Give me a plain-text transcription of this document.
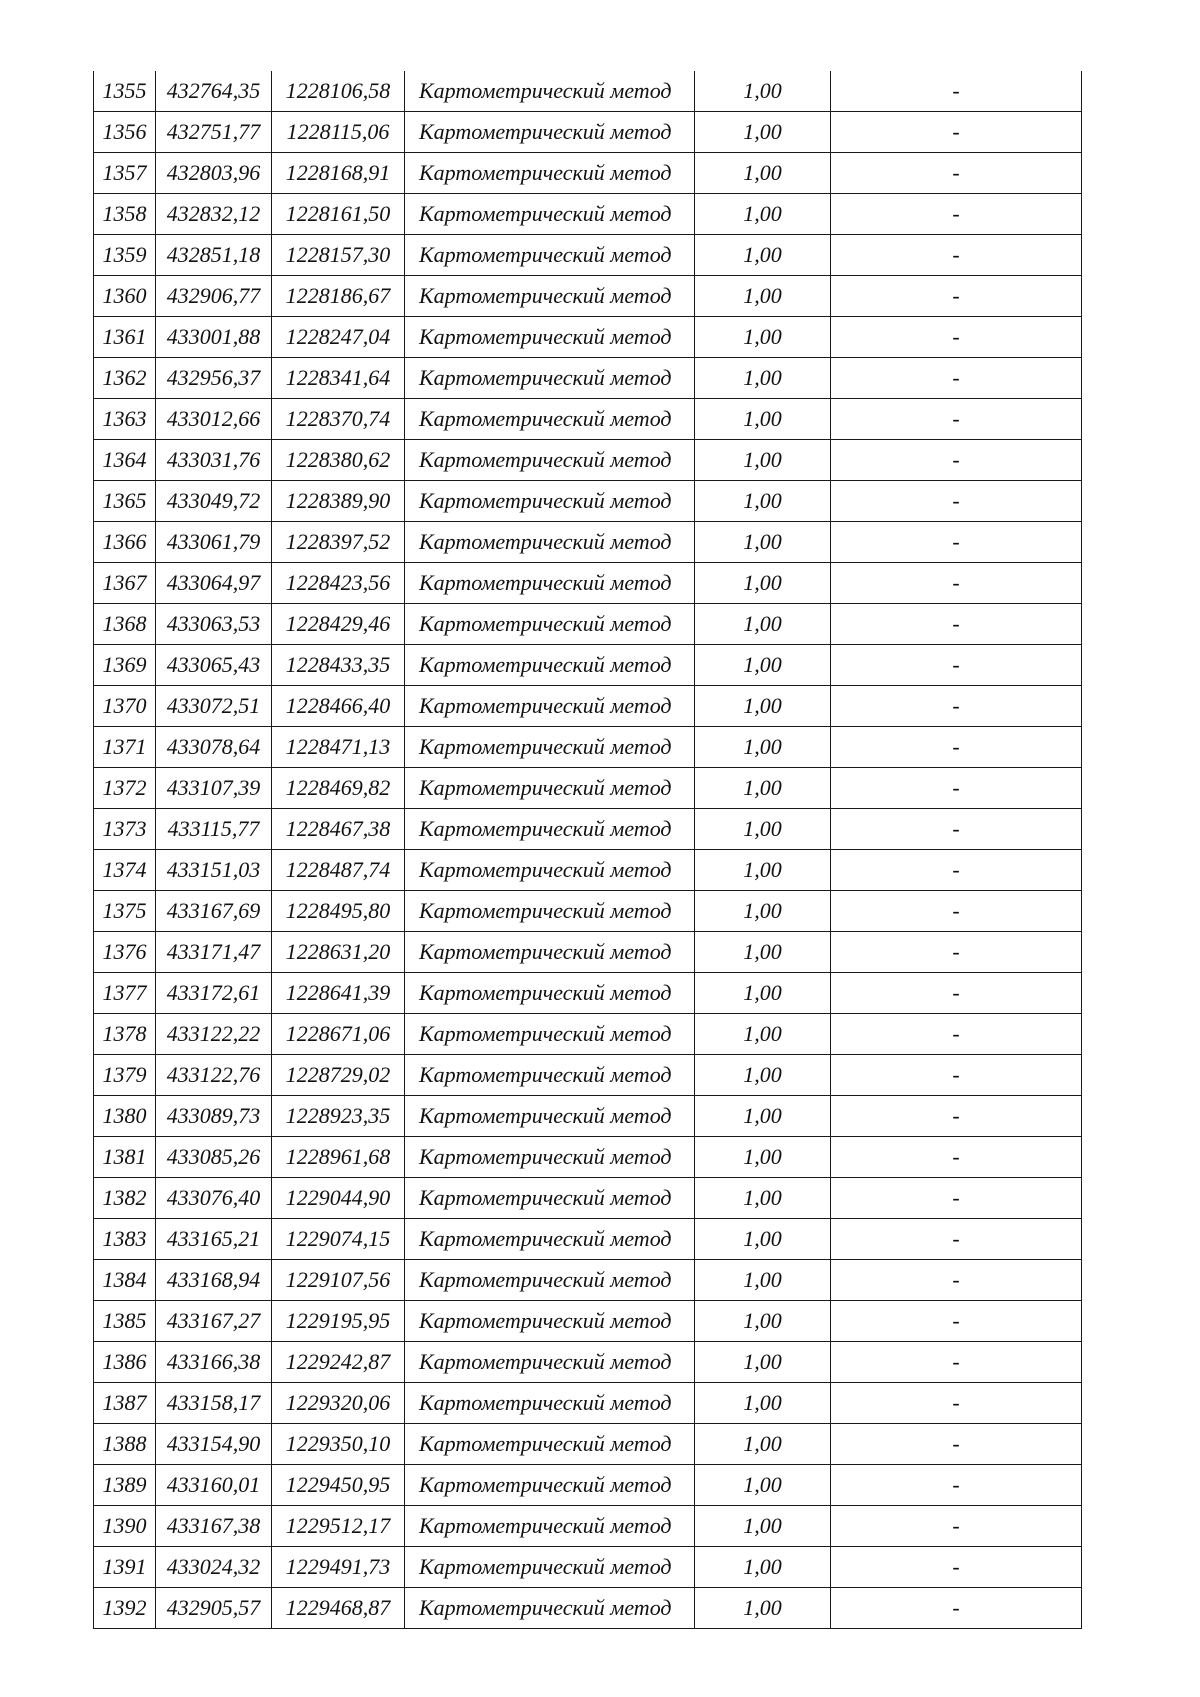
1355	432764,35	1228106,58	Картометрический метод	1,00	-
1356	432751,77	1228115,06	Картометрический метод	1,00	-
1357	432803,96	1228168,91	Картометрический метод	1,00	-
1358	432832,12	1228161,50	Картометрический метод	1,00	-
1359	432851,18	1228157,30	Картометрический метод	1,00	-
1360	432906,77	1228186,67	Картометрический метод	1,00	-
1361	433001,88	1228247,04	Картометрический метод	1,00	-
1362	432956,37	1228341,64	Картометрический метод	1,00	-
1363	433012,66	1228370,74	Картометрический метод	1,00	-
1364	433031,76	1228380,62	Картометрический метод	1,00	-
1365	433049,72	1228389,90	Картометрический метод	1,00	-
1366	433061,79	1228397,52	Картометрический метод	1,00	-
1367	433064,97	1228423,56	Картометрический метод	1,00	-
1368	433063,53	1228429,46	Картометрический метод	1,00	-
1369	433065,43	1228433,35	Картометрический метод	1,00	-
1370	433072,51	1228466,40	Картометрический метод	1,00	-
1371	433078,64	1228471,13	Картометрический метод	1,00	-
1372	433107,39	1228469,82	Картометрический метод	1,00	-
1373	433115,77	1228467,38	Картометрический метод	1,00	-
1374	433151,03	1228487,74	Картометрический метод	1,00	-
1375	433167,69	1228495,80	Картометрический метод	1,00	-
1376	433171,47	1228631,20	Картометрический метод	1,00	-
1377	433172,61	1228641,39	Картометрический метод	1,00	-
1378	433122,22	1228671,06	Картометрический метод	1,00	-
1379	433122,76	1228729,02	Картометрический метод	1,00	-
1380	433089,73	1228923,35	Картометрический метод	1,00	-
1381	433085,26	1228961,68	Картометрический метод	1,00	-
1382	433076,40	1229044,90	Картометрический метод	1,00	-
1383	433165,21	1229074,15	Картометрический метод	1,00	-
1384	433168,94	1229107,56	Картометрический метод	1,00	-
1385	433167,27	1229195,95	Картометрический метод	1,00	-
1386	433166,38	1229242,87	Картометрический метод	1,00	-
1387	433158,17	1229320,06	Картометрический метод	1,00	-
1388	433154,90	1229350,10	Картометрический метод	1,00	-
1389	433160,01	1229450,95	Картометрический метод	1,00	-
1390	433167,38	1229512,17	Картометрический метод	1,00	-
1391	433024,32	1229491,73	Картометрический метод	1,00	-
1392	432905,57	1229468,87	Картометрический метод	1,00	-
